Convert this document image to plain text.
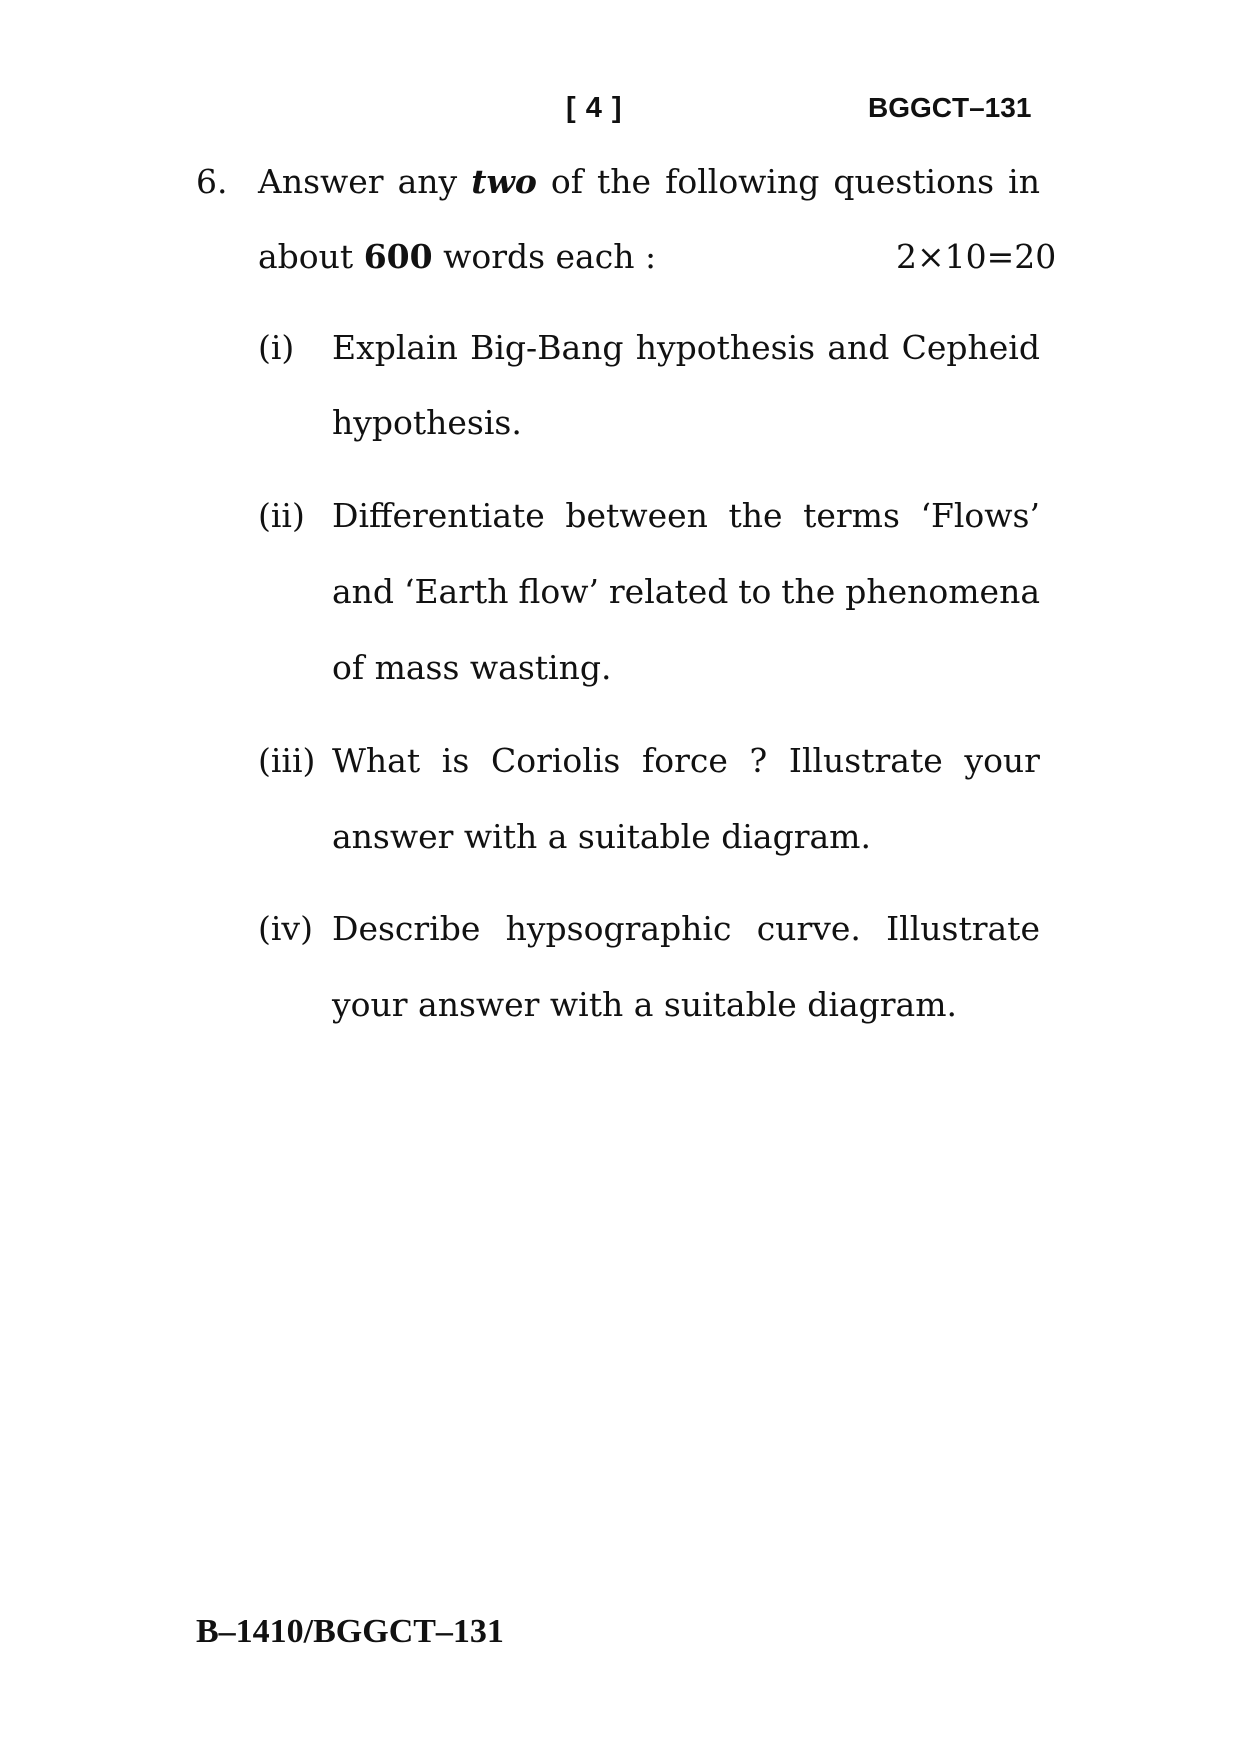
[ 4 ]	BGGCT–131
6. Answer any two of the following questions in
about 600 words each :	2×10=20
(i) Explain Big-Bang hypothesis and Cepheid
hypothesis.
(ii) Differentiate between the terms ‘Flows’
and ‘Earth flow’ related to the phenomena
of mass wasting.
(iii) What is Coriolis force ? Illustrate your
answer with a suitable diagram.
(iv) Describe hypsographic curve. Illustrate
your answer with a suitable diagram.
B–1410/BGGCT–131
